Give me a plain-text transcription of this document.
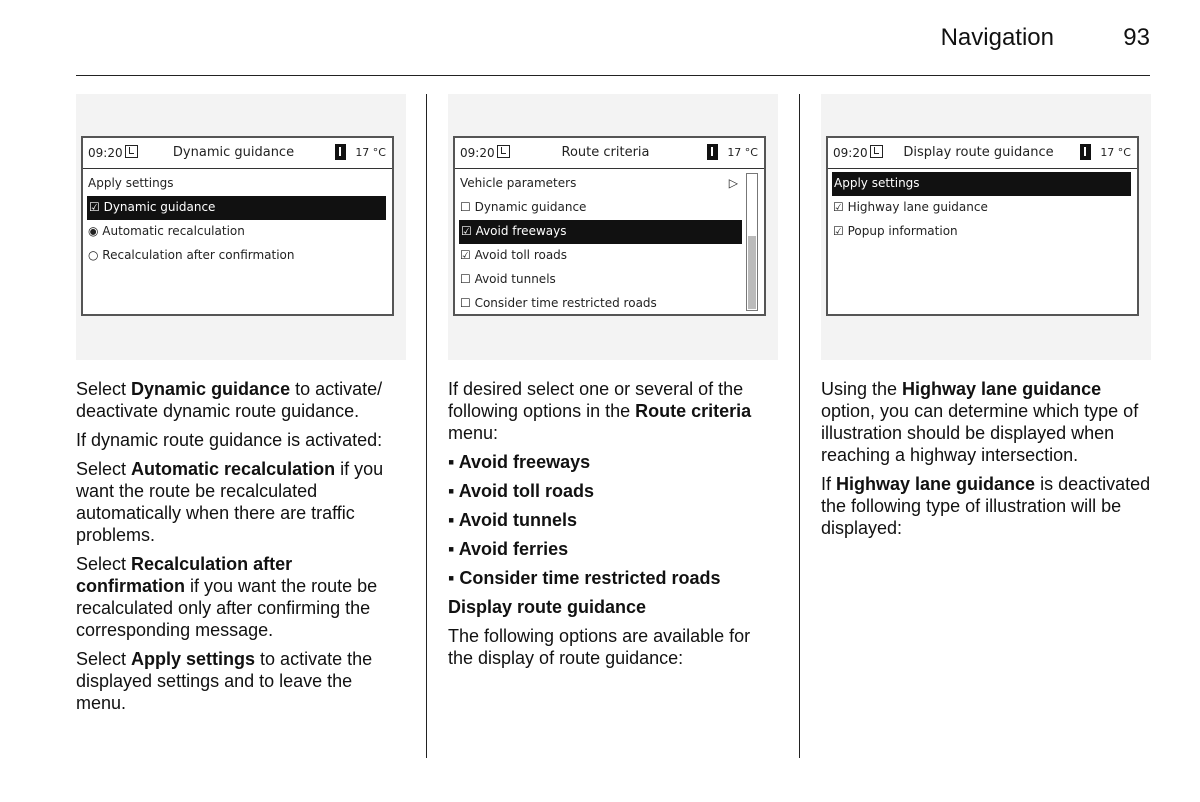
Navigation	93
09:20	Dynamic guidance	17 °C
Apply settings
☑ Dynamic guidance
◉ Automatic recalculation
○ Recalculation after confirmation

Select Dynamic guidance to activate/ deactivate dynamic route guidance.

If dynamic route guidance is activated:

Select Automatic recalculation if you want the route be recalculated automatically when there are traffic problems.

Select Recalculation after confirmation if you want the route be recalculated only after confirming the corresponding message.

Select Apply settings to activate the displayed settings and to leave the menu.

09:20	Route criteria	17 °C
Vehicle parameters	▷
☐ Dynamic guidance
☑ Avoid freeways
☑ Avoid toll roads
☐ Avoid tunnels
☐ Consider time restricted roads

If desired select one or several of the following options in the Route criteria menu:

▪ Avoid freeways
▪ Avoid toll roads
▪ Avoid tunnels
▪ Avoid ferries
▪ Consider time restricted roads

Display route guidance

The following options are available for the display of route guidance:

09:20	Display route guidance	17 °C
Apply settings
☑ Highway lane guidance
☑ Popup information

Using the Highway lane guidance option, you can determine which type of illustration should be displayed when reaching a highway intersection.

If Highway lane guidance is deactivated the following type of illustration will be displayed:
